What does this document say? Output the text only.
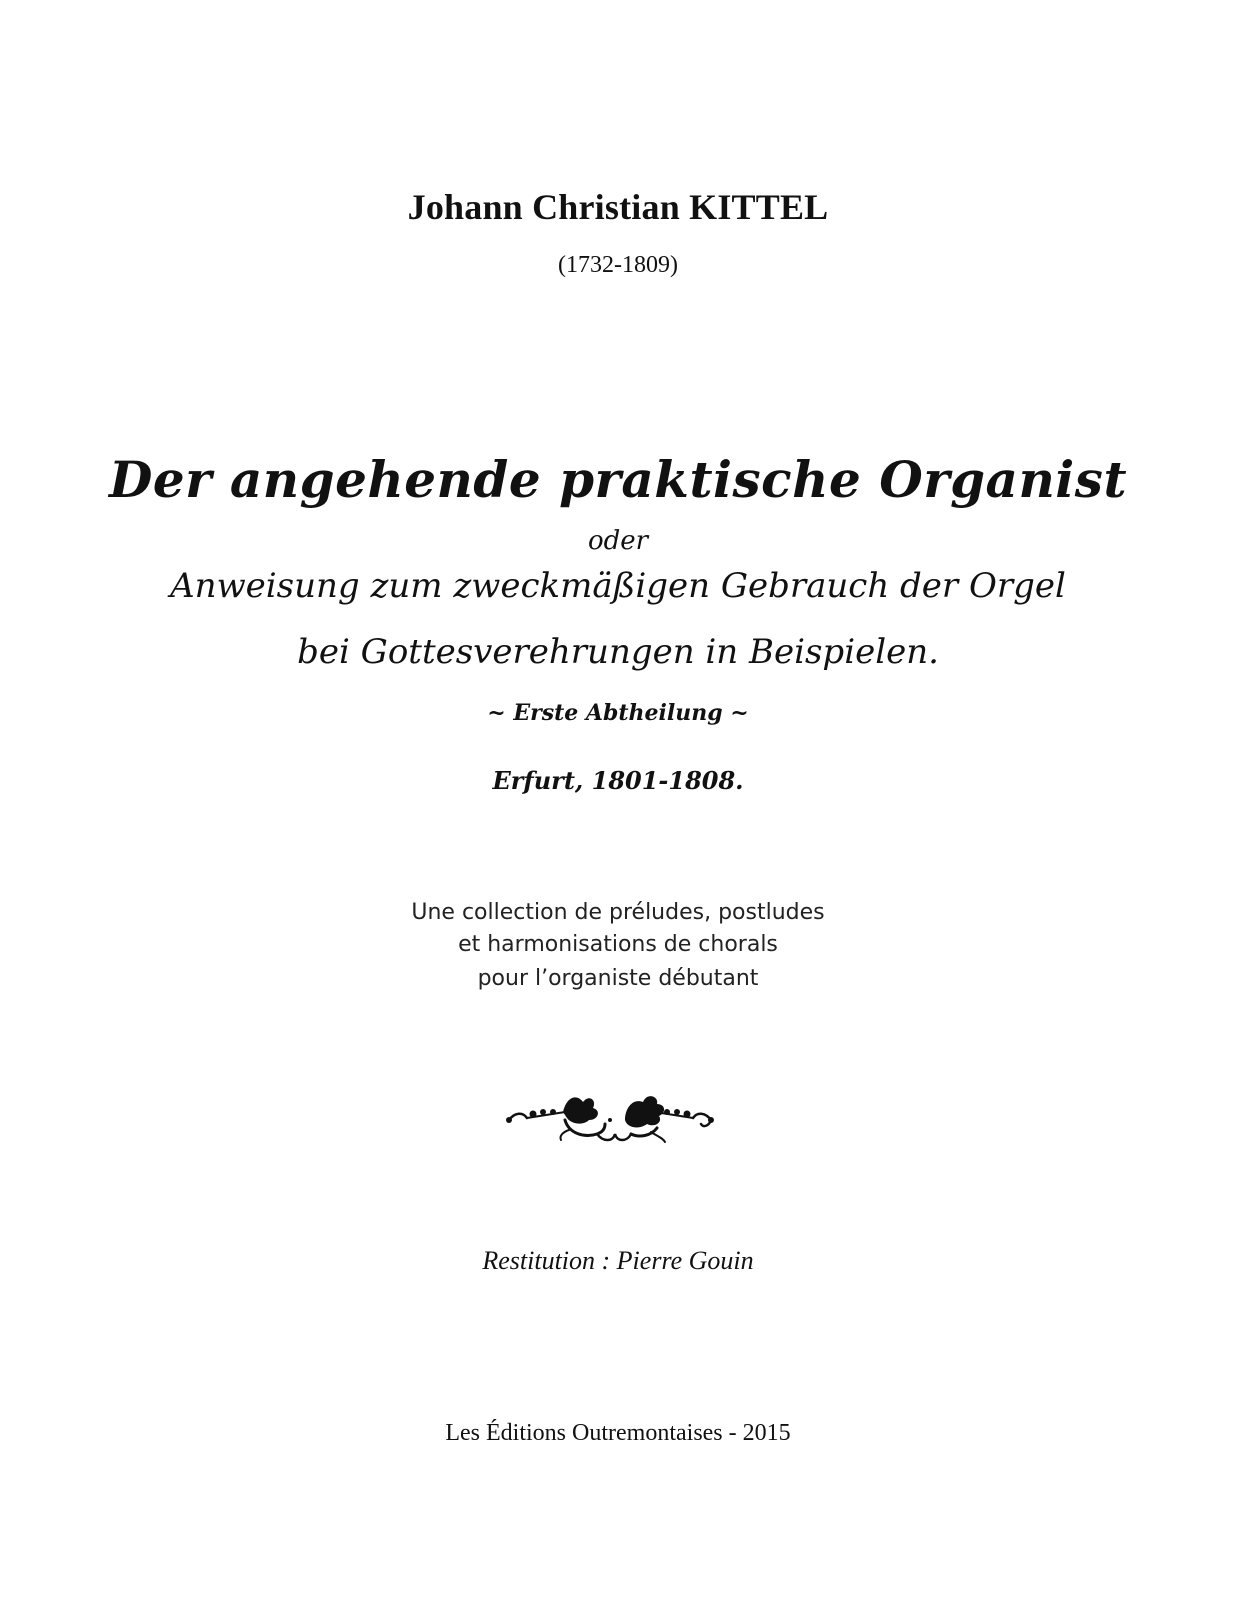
Johann Christian KITTEL
(1732-1809)
Der angehende praktische Organist
oder
Anweisung zum zweckmäßigen Gebrauch der Orgel
bei Gottesverehrungen in Beispielen.
~ Erste Abtheilung ~
Erfurt, 1801-1808.
Une collection de préludes, postludes
et harmonisations de chorals
pour l’organiste débutant
Restitution : Pierre Gouin
Les Éditions Outremontaises - 2015
